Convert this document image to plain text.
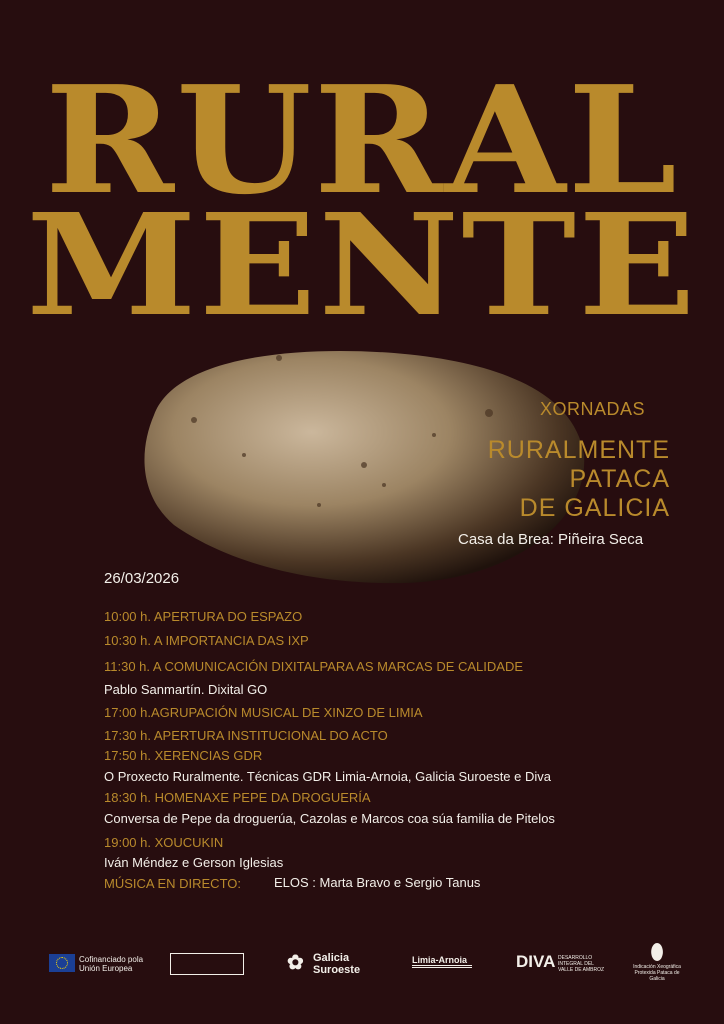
RURAL
MENTE
XORNADAS
RURALMENTE
PATACA
DE GALICIA
Casa da Brea: Piñeira Seca
26/03/2026
10:00 h. APERTURA DO ESPAZO
10:30 h. A IMPORTANCIA DAS IXP
11:30 h. A COMUNICACIÓN DIXITALPARA AS MARCAS DE CALIDADE
Pablo Sanmartín. Dixital GO
17:00 h.AGRUPACIÓN MUSICAL DE XINZO DE LIMIA
17:30 h. APERTURA INSTITUCIONAL DO ACTO
17:50 h. XERENCIAS GDR
O Proxecto Ruralmente. Técnicas GDR Limia-Arnoia, Galicia Suroeste e Diva
18:30 h. HOMENAXE PEPE DA DROGUERÍA
Conversa de Pepe da droguerúa, Cazolas e Marcos coa súa familia de Pitelos
19:00 h. XOUCUKIN
Iván Méndez e Gerson Iglesias
MÚSICA EN DIRECTO:	ELOS : Marta Bravo e Sergio Tanus
Cofinanciado pola Unión Europea	✿ Galicia Suroeste
Limia-Arnoia	DIVA DESARROLLO INTEGRAL DEL VALLE DE AMBROZ
⬮
Indicación Xeográfica Protexida Pataca de Galicia
